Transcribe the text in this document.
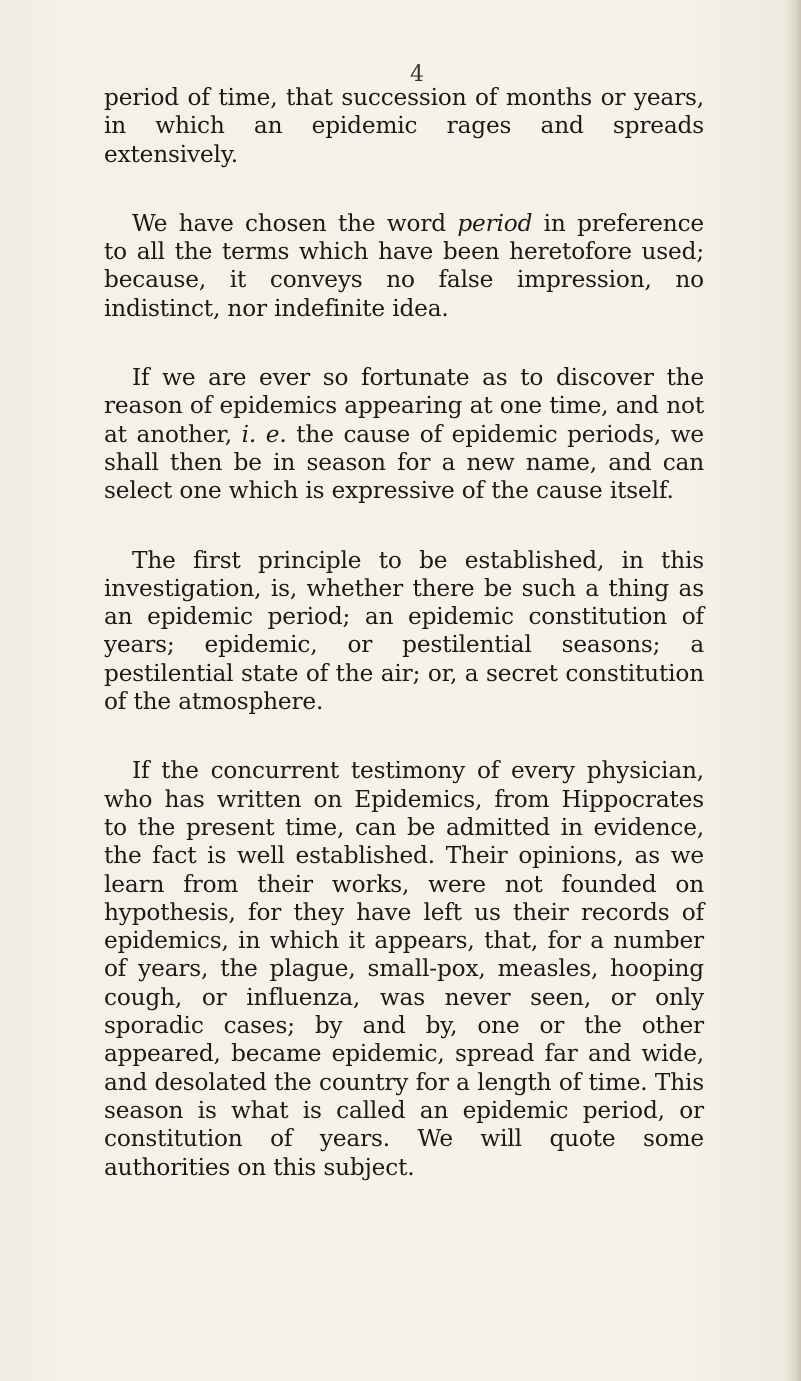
4

period of time, that succession of months or years, in which an epidemic rages and spreads extensively.

We have chosen the word period in preference to all the terms which have been heretofore used; because, it conveys no false impression, no indistinct, nor indefinite idea.

If we are ever so fortunate as to discover the reason of epidemics appearing at one time, and not at another, i. e. the cause of epidemic periods, we shall then be in season for a new name, and can select one which is expressive of the cause itself.

The first principle to be established, in this investigation, is, whether there be such a thing as an epidemic period; an epidemic constitution of years; epidemic, or pestilential seasons; a pestilential state of the air; or, a secret constitution of the atmosphere.

If the concurrent testimony of every physician, who has written on Epidemics, from Hippocrates to the present time, can be admitted in evidence, the fact is well established. Their opinions, as we learn from their works, were not founded on hypothesis, for they have left us their records of epidemics, in which it appears, that, for a number of years, the plague, small-pox, measles, hooping cough, or influenza, was never seen, or only sporadic cases; by and by, one or the other appeared, became epidemic, spread far and wide, and desolated the country for a length of time. This season is what is called an epidemic period, or constitution of years. We will quote some authorities on this subject.
